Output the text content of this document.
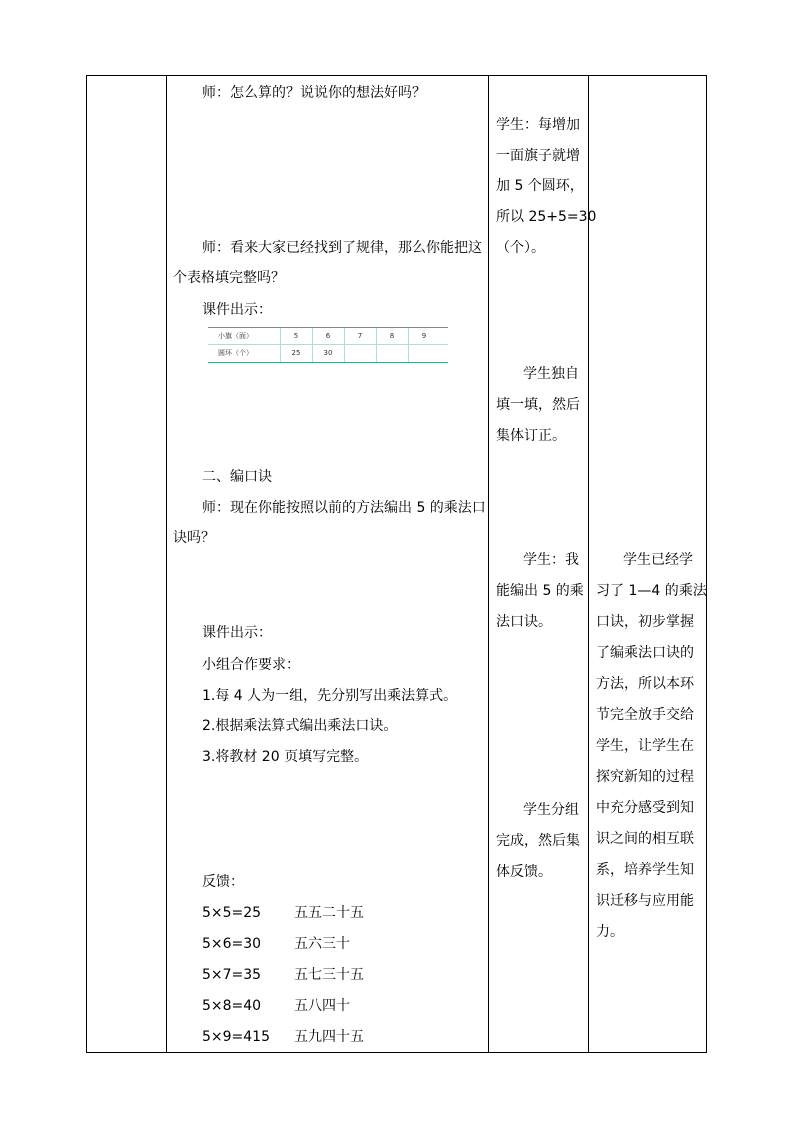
师：怎么算的？说说你的想法好吗？
师：看来大家已经找到了规律，那么你能把这
个表格填完整吗？
课件出示：
小旗（面）	5	6	7	8	9
圆环（个）	25	30
二、编口诀
师：现在你能按照以前的方法编出 5 的乘法口
诀吗？
课件出示：
小组合作要求：
1.每 4 人为一组，先分别写出乘法算式。
2.根据乘法算式编出乘法口诀。
3.将教材 20 页填写完整。
反馈：
5×5=25 五五二十五
5×6=30 五六三十
5×7=35 五七三十五
5×8=40 五八四十
5×9=415 五九四十五
学生：每增加
一面旗子就增
加 5 个圆环，
所以 25+5=30
（个）。
学生独自
填一填，然后
集体订正。
学生：我
能编出 5 的乘
法口诀。
学生分组
完成，然后集
体反馈。
学生已经学
习了 1—4 的乘法
口诀，初步掌握
了编乘法口诀的
方法，所以本环
节完全放手交给
学生，让学生在
探究新知的过程
中充分感受到知
识之间的相互联
系，培养学生知
识迁移与应用能
力。
